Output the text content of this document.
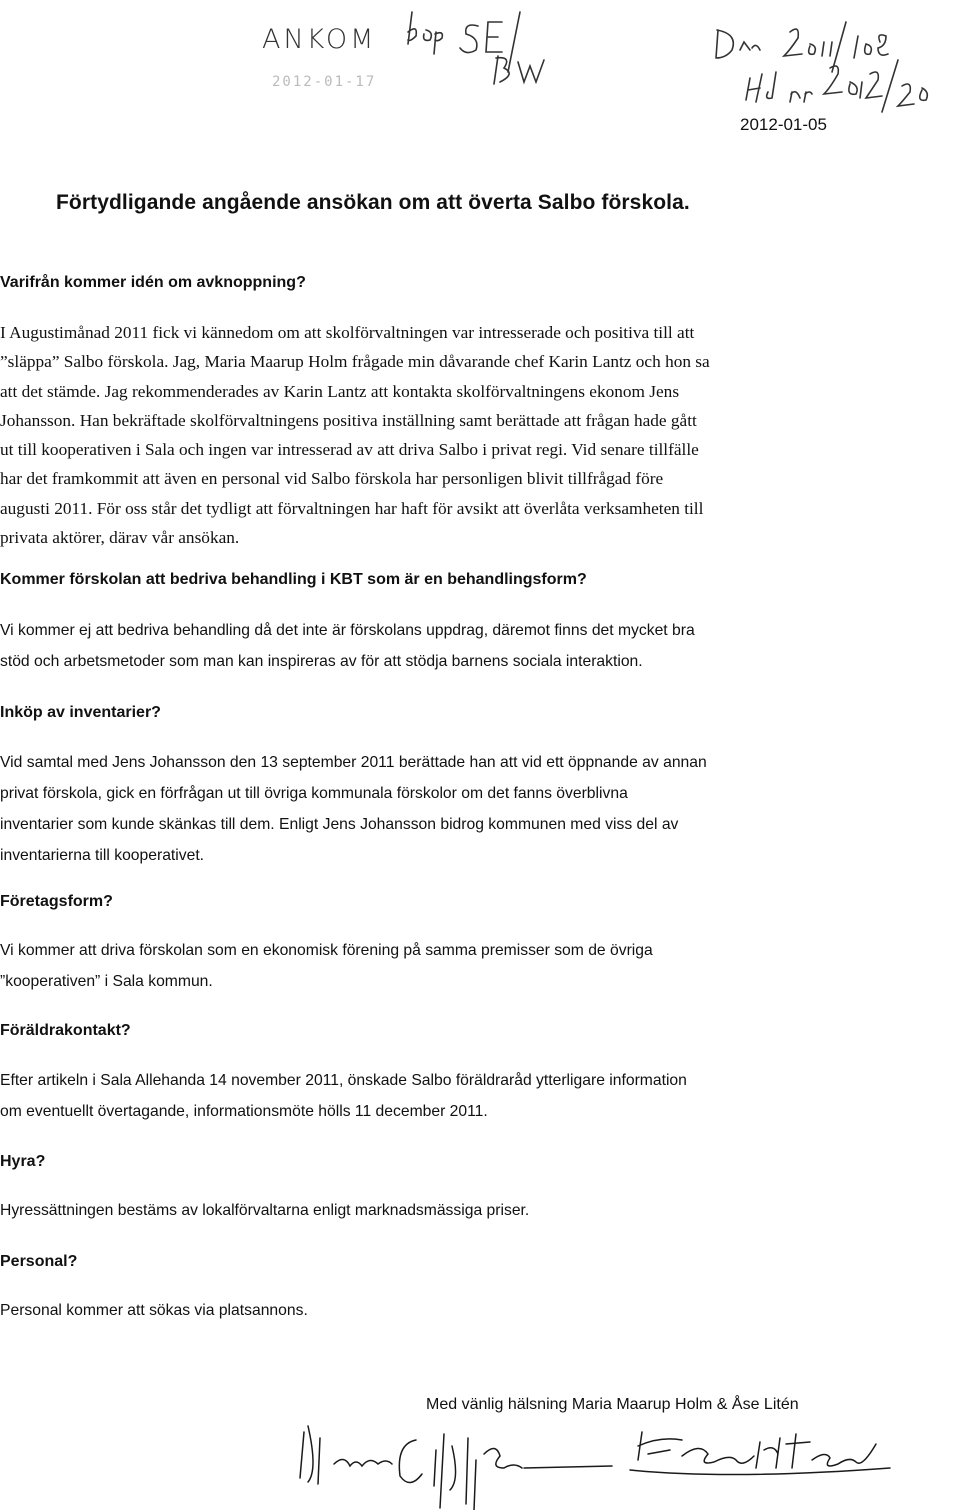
ANKOM
2012-01-17
2012-01-05
Förtydligande angående ansökan om att överta Salbo förskola.
Varifrån kommer idén om avknoppning?
I Augustimånad 2011 fick vi kännedom om att skolförvaltningen var intresserade och positiva till att
”släppa” Salbo förskola. Jag, Maria Maarup Holm frågade min dåvarande chef Karin Lantz och hon sa
att det stämde. Jag rekommenderades av Karin Lantz att kontakta skolförvaltningens ekonom Jens
Johansson. Han bekräftade skolförvaltningens positiva inställning samt berättade att frågan hade gått
ut till kooperativen i Sala och ingen var intresserad av att driva Salbo i privat regi. Vid senare tillfälle
har det framkommit att även en personal vid Salbo förskola har personligen blivit tillfrågad före
augusti 2011. För oss står det tydligt att förvaltningen har haft för avsikt att överlåta verksamheten till
privata aktörer, därav vår ansökan.
Kommer förskolan att bedriva behandling i KBT som är en behandlingsform?
Vi kommer ej att bedriva behandling då det inte är förskolans uppdrag, däremot finns det mycket bra
stöd och arbetsmetoder som man kan inspireras av för att stödja barnens sociala interaktion.
Inköp av inventarier?
Vid samtal med Jens Johansson den 13 september 2011 berättade han att vid ett öppnande av annan
privat förskola, gick en förfrågan ut till övriga kommunala förskolor om det fanns överblivna
inventarier som kunde skänkas till dem. Enligt Jens Johansson bidrog kommunen med viss del av
inventarierna till kooperativet.
Företagsform?
Vi kommer att driva förskolan som en ekonomisk förening på samma premisser som de övriga
”kooperativen” i Sala kommun.
Föräldrakontakt?
Efter artikeln i Sala Allehanda 14 november 2011, önskade Salbo föräldraråd ytterligare information
om eventuellt övertagande, informationsmöte hölls 11 december 2011.
Hyra?
Hyressättningen bestäms av lokalförvaltarna enligt marknadsmässiga priser.
Personal?
Personal kommer att sökas via platsannons.
Med vänlig hälsning Maria Maarup Holm & Åse Litén
